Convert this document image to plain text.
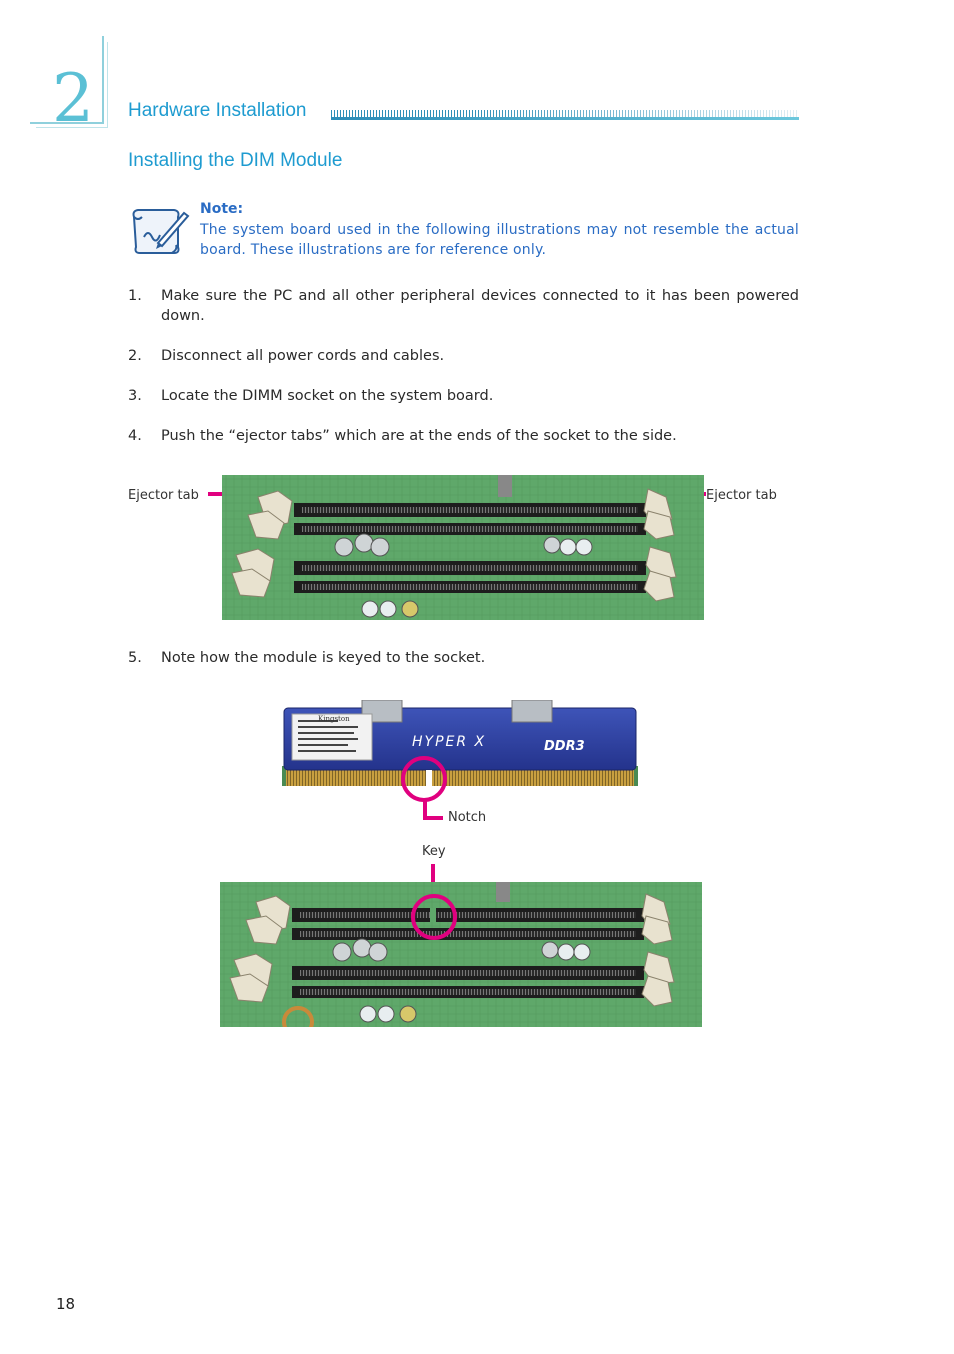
2 Hardware Installation
Installing the DIM Module
Note:
The system board used in the following illustrations may not resemble the actual board. These illustrations are for reference only.
1. Make sure the PC and all other peripheral devices connected to it has been powered down.
2. Disconnect all power cords and cables.
3. Locate the DIMM socket on the system board.
4. Push the “ejector tabs” which are at the ends of the socket to the side.
Ejector tab	Ejector tab
5. Note how the module is keyed to the socket.
Kingston
HYPER X	DDR3
Notch
Key
18
